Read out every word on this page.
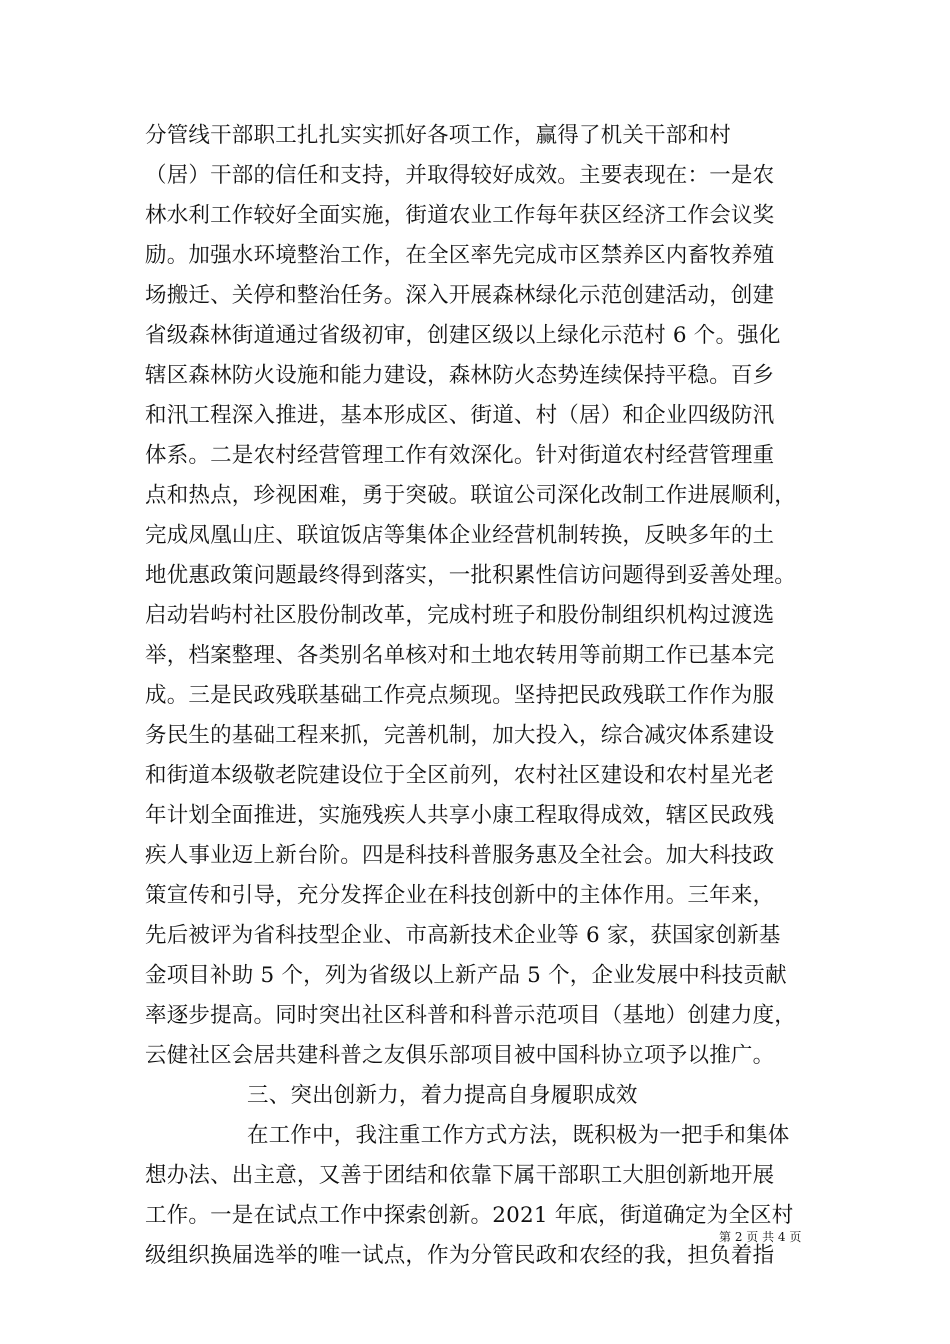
分管线干部职工扎扎实实抓好各项工作，赢得了机关干部和村
（居）干部的信任和支持，并取得较好成效。主要表现在：一是农
林水利工作较好全面实施，街道农业工作每年获区经济工作会议奖
励。加强水环境整治工作，在全区率先完成市区禁养区内畜牧养殖
场搬迁、关停和整治任务。深入开展森林绿化示范创建活动，创建
省级森林街道通过省级初审，创建区级以上绿化示范村 6 个。强化
辖区森林防火设施和能力建设，森林防火态势连续保持平稳。百乡
和汛工程深入推进，基本形成区、街道、村（居）和企业四级防汛
体系。二是农村经营管理工作有效深化。针对街道农村经营管理重
点和热点，珍视困难，勇于突破。联谊公司深化改制工作进展顺利，
完成凤凰山庄、联谊饭店等集体企业经营机制转换，反映多年的土
地优惠政策问题最终得到落实，一批积累性信访问题得到妥善处理。
启动岩屿村社区股份制改革，完成村班子和股份制组织机构过渡选
举，档案整理、各类别名单核对和土地农转用等前期工作已基本完
成。三是民政残联基础工作亮点频现。坚持把民政残联工作作为服
务民生的基础工程来抓，完善机制，加大投入，综合减灾体系建设
和街道本级敬老院建设位于全区前列，农村社区建设和农村星光老
年计划全面推进，实施残疾人共享小康工程取得成效，辖区民政残
疾人事业迈上新台阶。四是科技科普服务惠及全社会。加大科技政
策宣传和引导，充分发挥企业在科技创新中的主体作用。三年来，
先后被评为省科技型企业、市高新技术企业等 6 家，获国家创新基
金项目补助 5 个，列为省级以上新产品 5 个，企业发展中科技贡献
率逐步提高。同时突出社区科普和科普示范项目（基地）创建力度，
云健社区会居共建科普之友俱乐部项目被中国科协立项予以推广。
三、突出创新力，着力提高自身履职成效
在工作中，我注重工作方式方法，既积极为一把手和集体
想办法、出主意，又善于团结和依靠下属干部职工大胆创新地开展
工作。一是在试点工作中探索创新。2021 年底，街道确定为全区村
级组织换届选举的唯一试点，作为分管民政和农经的我，担负着指
第 2 页 共 4 页
